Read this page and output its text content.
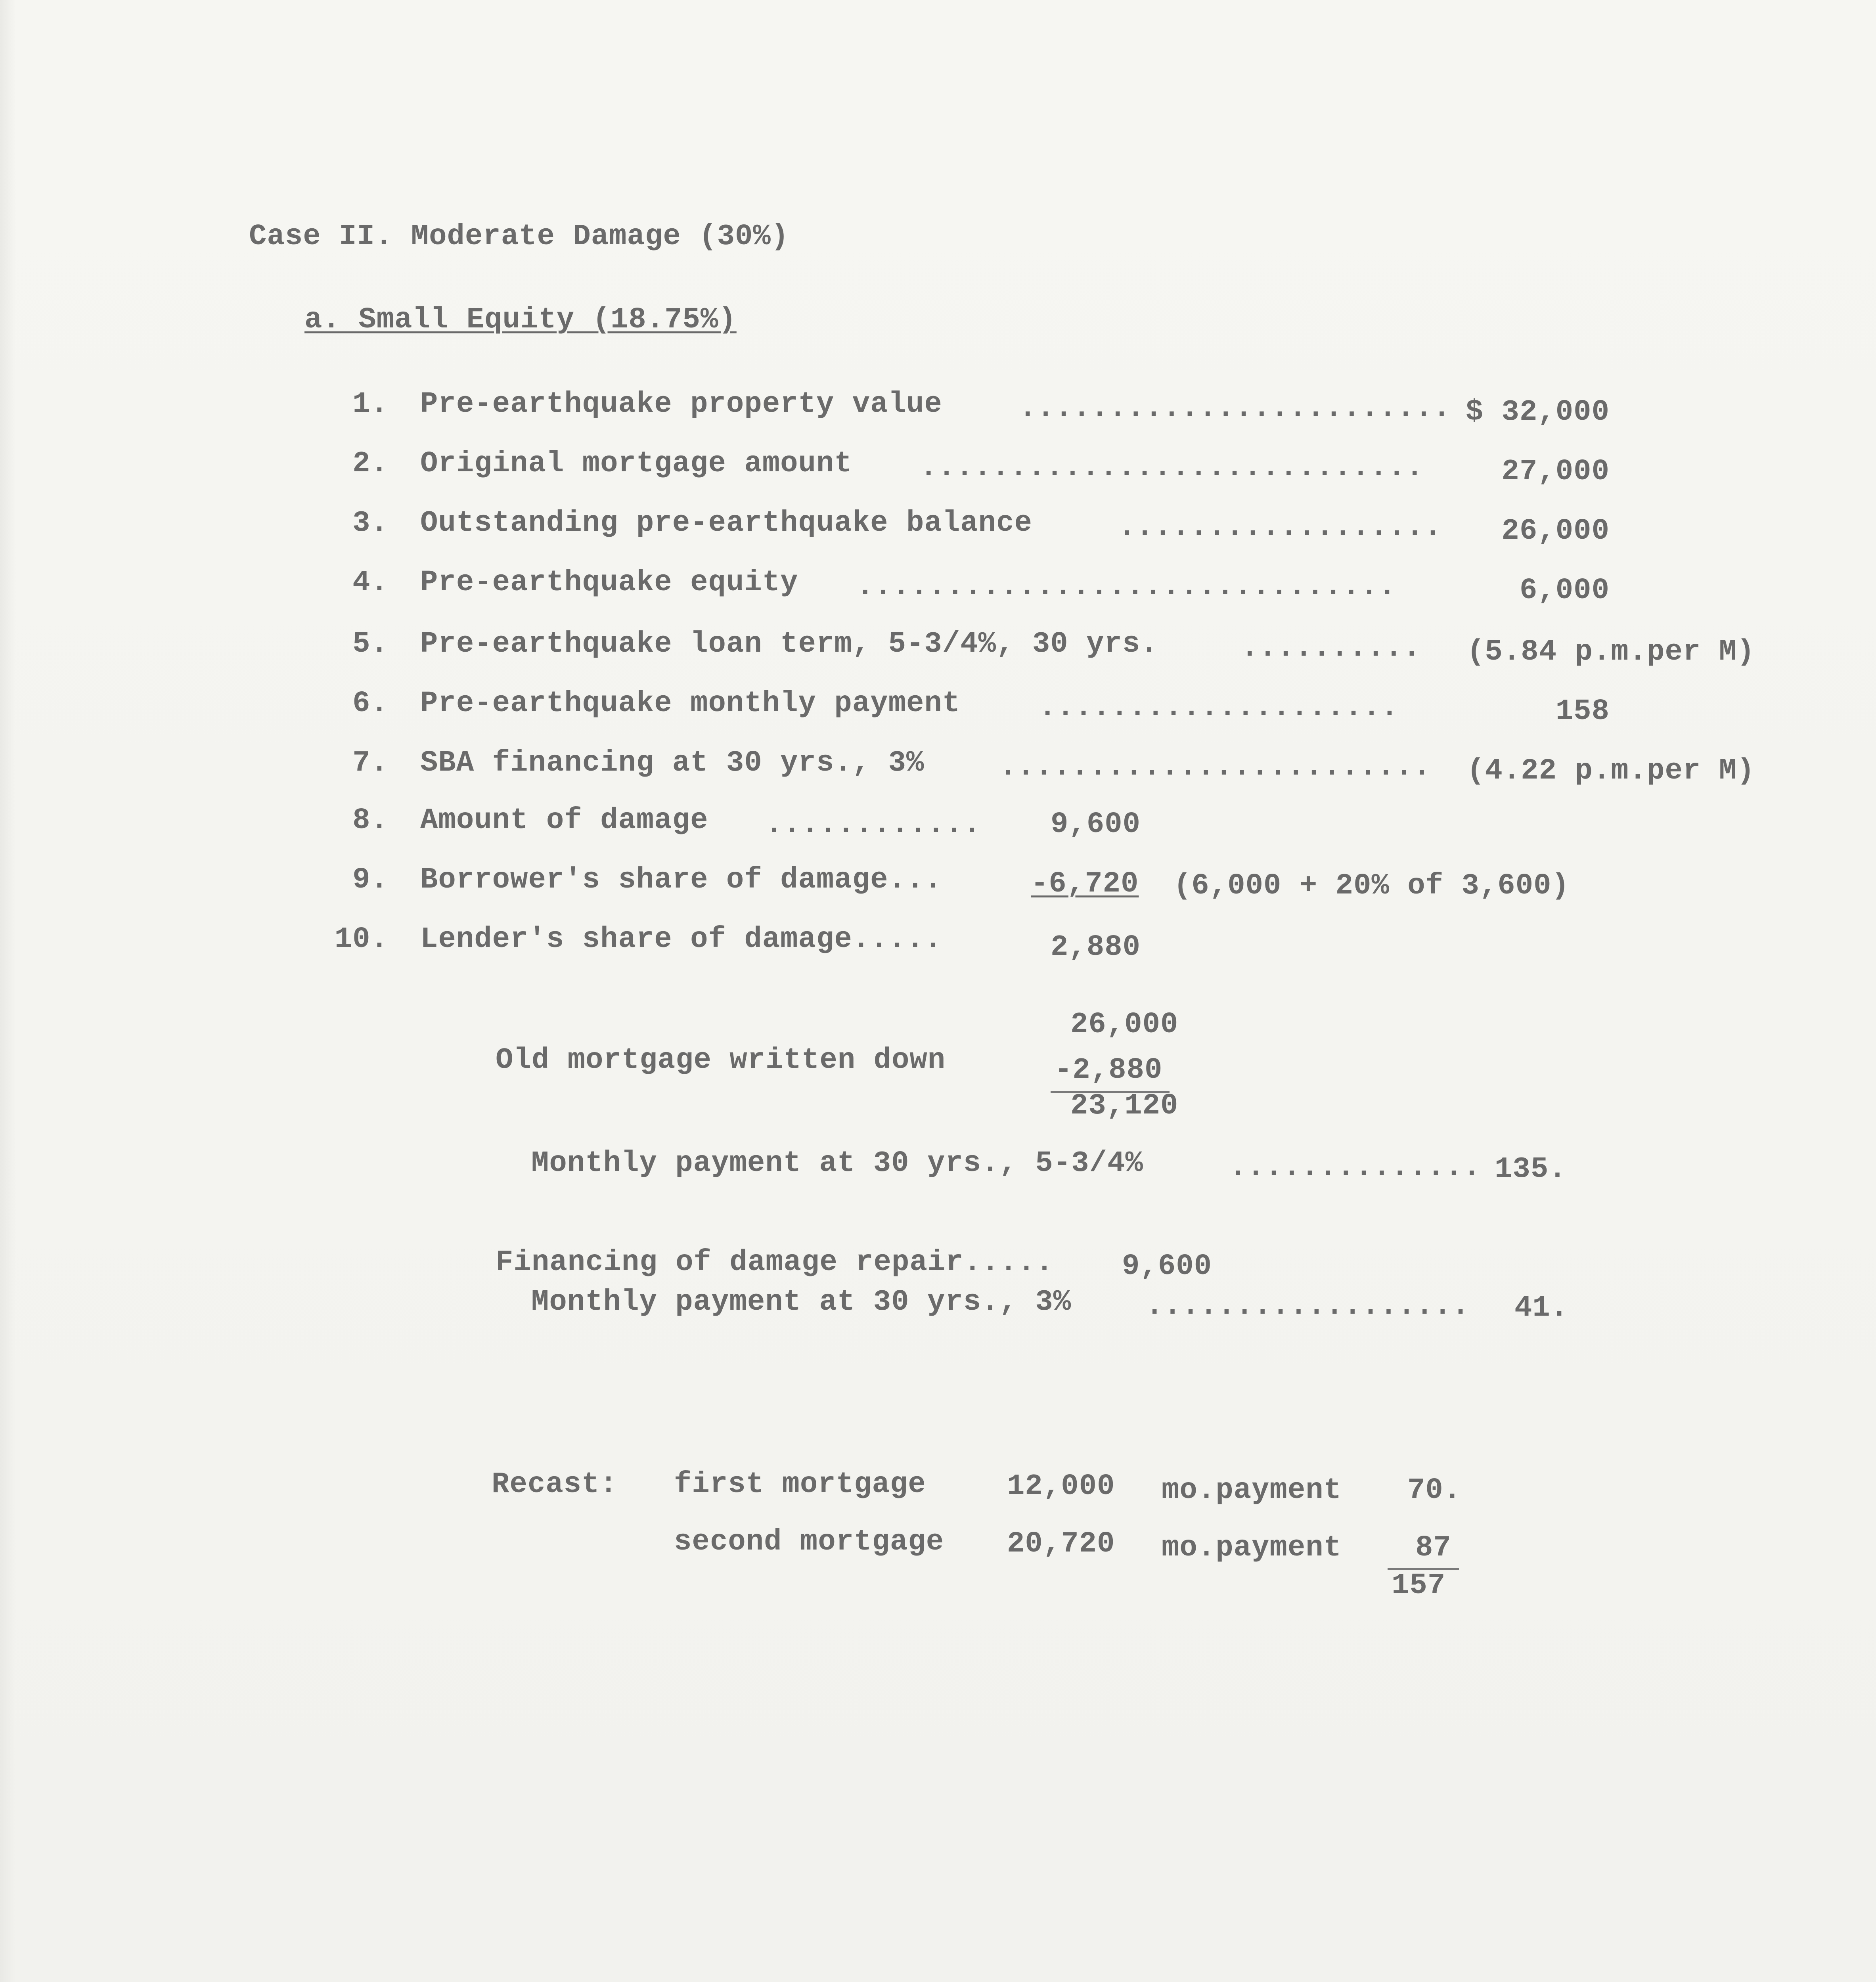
Case II. Moderate Damage (30%)
a. Small Equity (18.75%)
1. Pre-earthquake property value	........................ $ 32,000
2. Original mortgage amount ............................	27,000
3. Outstanding pre-earthquake balance	..................	26,000
4. Pre-earthquake equity ..............................	6,000
5. Pre-earthquake loan term, 5-3/4%, 30 yrs.	.......... (5.84 p.m.per M)
6. Pre-earthquake monthly payment	....................	158
7. SBA financing at 30 yrs., 3%	........................ (4.22 p.m.per M)
8. Amount of damage ............ 9,600
9. Borrower's share of damage...	-6,720 (6,000 + 20% of 3,600)
10. Lender's share of damage.....	2,880
26,000
Old mortgage written down	-2,880
23,120
Monthly payment at 30 yrs., 5-3/4%	.............. 135.
Financing of damage repair..... 9,600
Monthly payment at 30 yrs., 3%	.................. 41.
Recast: first mortgage	12,000 mo.payment 70.
second mortgage 20,720 mo.payment	87
157
